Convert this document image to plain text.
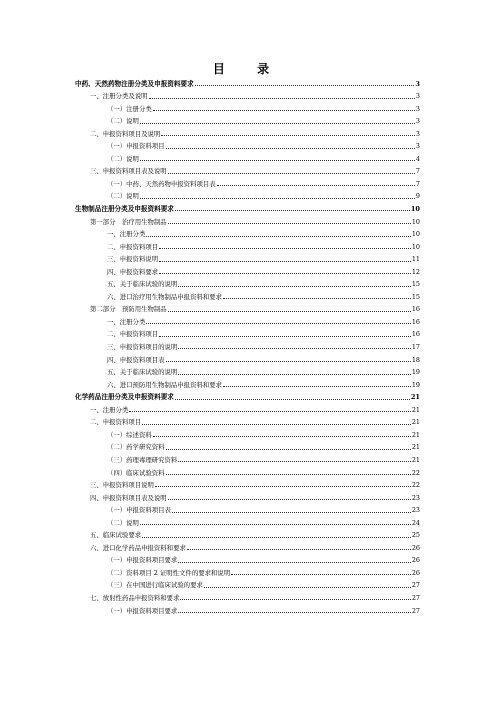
目 录
中药、天然药物注册分类及申报资料要求	3
一、注册分类及说明	3
（一）注册分类	3
（二）说明	3
二、申报资料项目及说明	3
（一）申报资料项目	3
（二）说明	4
三、申报资料项目表及说明	7
（一）中药、天然药物申报资料项目表	7
（二）说明	9
生物制品注册分类及申报资料要求	10
第一部分　治疗用生物制品	10
一、注册分类	10
二、申报资料项目	10
三、申报资料说明	11
四、申报资料要求	12
五、关于临床试验的说明	15
六、进口治疗用生物制品申报资料和要求	15
第二部分　预防用生物制品	16
一、注册分类	16
二、申报资料项目	16
三、申报资料项目的说明	17
四、申报资料项目表	18
五、关于临床试验的说明	19
六、进口预防用生物制品申报资料和要求	19
化学药品注册分类及申报资料要求	21
一、注册分类	21
二、申报资料项目	21
（一）综述资料	21
（二）药学研究资料	21
（三）药理毒理研究资料	21
（四）临床试验资料	22
三、申报资料项目说明	22
四、申报资料项目表及说明	23
（一）申报资料项目表	23
（二）说明	24
五、临床试验要求	25
六、进口化学药品申报资料和要求	26
（一）申报资料项目要求	26
（二）资料项目 2 证明性文件的要求和说明	26
（三）在中国进行临床试验的要求	27
七、放射性药品申报资料和要求	27
（一）申报资料项目要求	27
